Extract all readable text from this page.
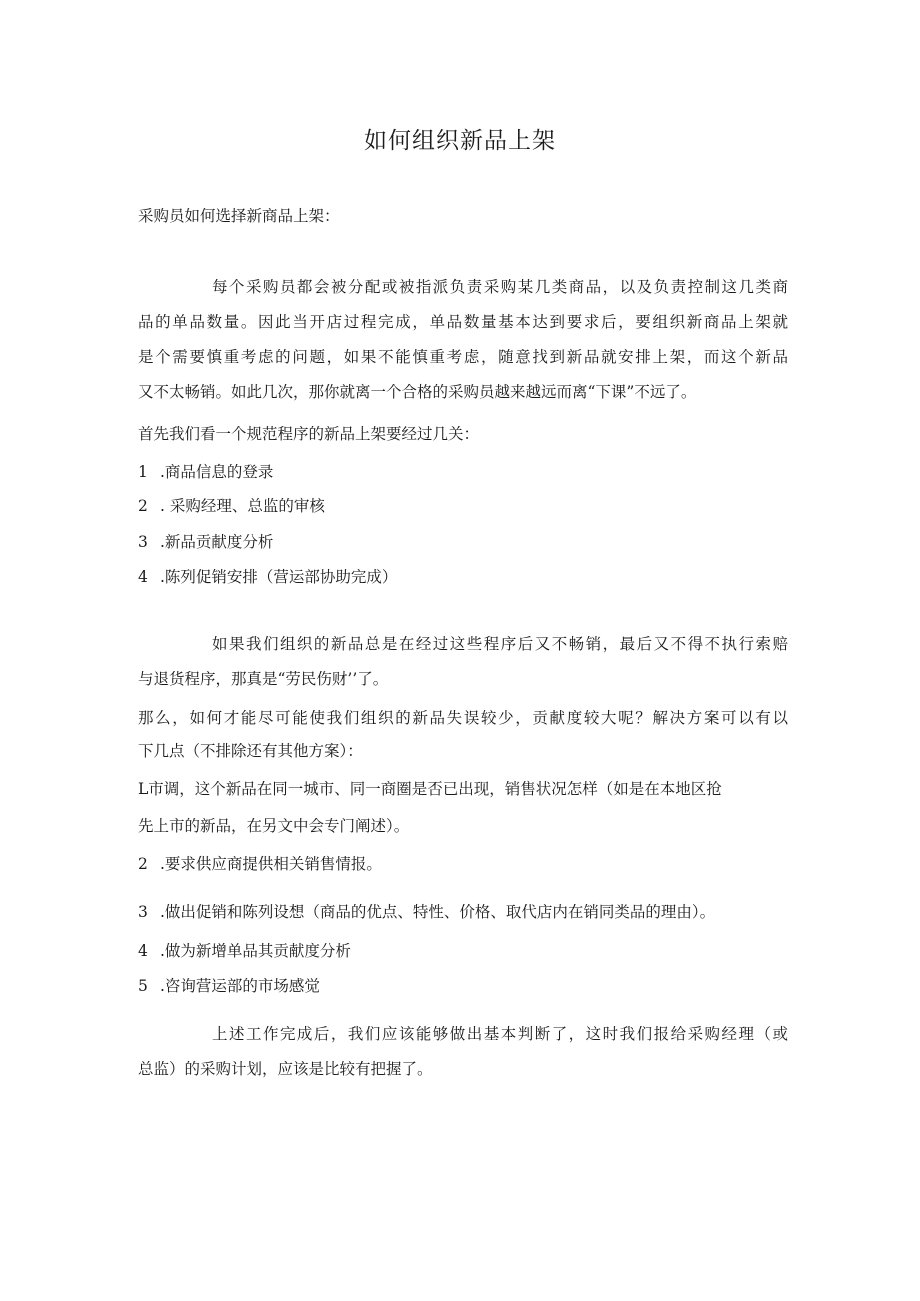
如何组织新品上架

采购员如何选择新商品上架：

每个采购员都会被分配或被指派负责采购某几类商品，以及负责控制这几类商

品的单品数量。因此当开店过程完成，单品数量基本达到要求后，要组织新商品上架就

是个需要慎重考虑的问题，如果不能慎重考虑，随意找到新品就安排上架，而这个新品

又不太畅销。如此几次，那你就离一个合格的采购员越来越远而离“下课”不远了。

首先我们看一个规范程序的新品上架要经过几关：

1 .商品信息的登录

2 . 采购经理、总监的审核

3 .新品贡献度分析

4 .陈列促销安排（营运部协助完成）

如果我们组织的新品总是在经过这些程序后又不畅销，最后又不得不执行索赔

与退货程序，那真是“劳民伤财’’了。

那么，如何才能尽可能使我们组织的新品失误较少，贡献度较大呢？解决方案可以有以

下几点（不排除还有其他方案）：

L市调，这个新品在同一城市、同一商圈是否已出现，销售状况怎样（如是在本地区抢

先上市的新品，在另文中会专门阐述）。

2 .要求供应商提供相关销售情报。

3 .做出促销和陈列设想（商品的优点、特性、价格、取代店内在销同类品的理由）。

4 .做为新增单品其贡献度分析

5 .咨询营运部的市场感觉

上述工作完成后，我们应该能够做出基本判断了，这时我们报给采购经理（或

总监）的采购计划，应该是比较有把握了。
